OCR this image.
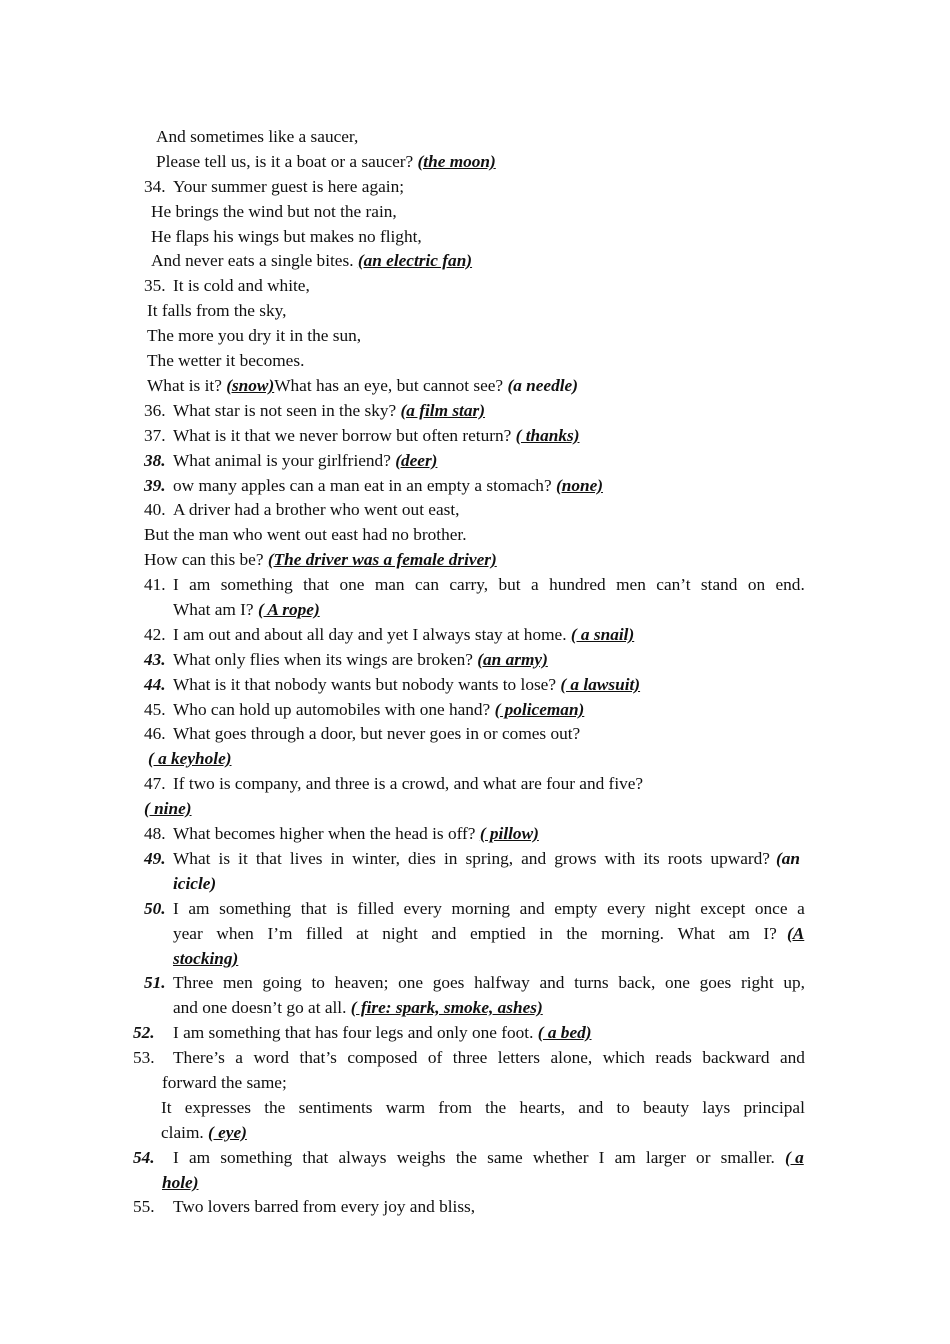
And sometimes like a saucer,
Please tell us, is it a boat or a saucer? (the moon)
34. Your summer guest is here again;
He brings the wind but not the rain,
He flaps his wings but makes no flight,
And never eats a single bites. (an electric fan)
35. It is cold and white,
It falls from the sky,
The more you dry it in the sun,
The wetter it becomes.
What is it? (snow)What has an eye, but cannot see? (a needle)
36. What star is not seen in the sky? (a film star)
37. What is it that we never borrow but often return? ( thanks)
38. What animal is your girlfriend? (deer)
39. ow many apples can a man eat in an empty a stomach? (none)
40. A driver had a brother who went out east,
But the man who went out east had no brother.
How can this be? (The driver was a female driver)
41. I am something that one man can carry, but a hundred men can’t stand on end.
What am I? ( A rope)
42. I am out and about all day and yet I always stay at home. ( a snail)
43. What only flies when its wings are broken? (an army)
44. What is it that nobody wants but nobody wants to lose? ( a lawsuit)
45. Who can hold up automobiles with one hand? ( policeman)
46. What goes through a door, but never goes in or comes out?
( a keyhole)
47. If two is company, and three is a crowd, and what are four and five?
( nine)
48. What becomes higher when the head is off? ( pillow)
49. What is it that lives in winter, dies in spring, and grows with its roots upward? (an
icicle)
50. I am something that is filled every morning and empty every night except once a
year when I’m filled at night and emptied in the morning. What am I? (A
stocking)
51. Three men going to heaven; one goes halfway and turns back, one goes right up,
and one doesn’t go at all. ( fire: spark, smoke, ashes)
52. I am something that has four legs and only one foot. ( a bed)
53. There’s a word that’s composed of three letters alone, which reads backward and
forward the same;
It expresses the sentiments warm from the hearts, and to beauty lays principal
claim. ( eye)
54. I am something that always weighs the same whether I am larger or smaller. ( a
hole)
55. Two lovers barred from every joy and bliss,
